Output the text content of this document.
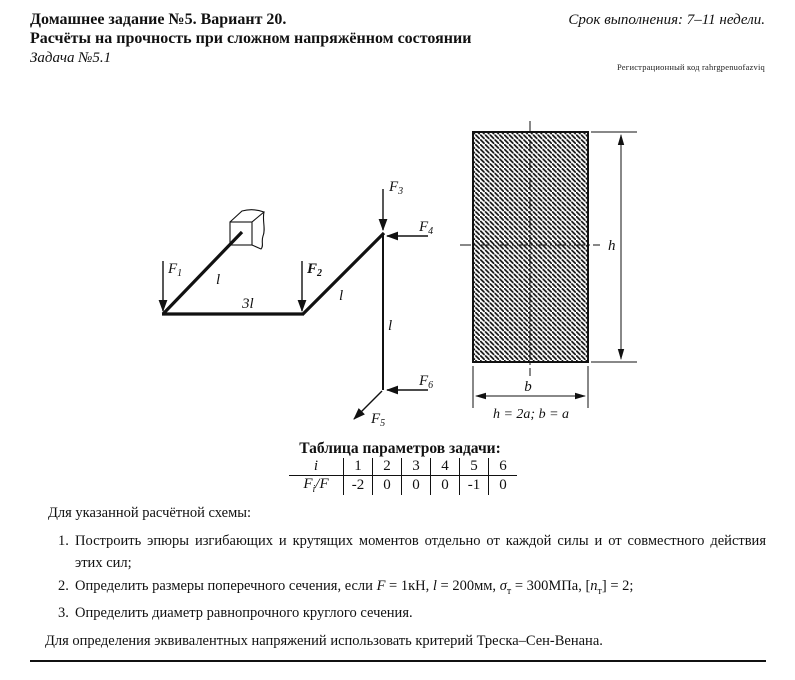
Домашнее задание №5. Вариант 20.	Срок выполнения: 7–11 недели.
Расчёты на прочность при сложном напряжённом состоянии
Задача №5.1
Регистрационный код rahrgpenuofazviq
$F_1$	$F_2$
$F_3$
$F_4$
$F_5$
$F_6$
l
3l	l
l
h
b
h = 2a; b = a
Таблица параметров задачи:
i	1	2	3	4	5	6
$F_i/F$	-2	0	0	0	-1	0
Для указанной расчётной схемы:
1. Построить эпюры изгибающих и крутящих моментов отдельно от каждой силы и от совместного действия этих сил;
2. Определить размеры поперечного сечения, если F = 1кН, l = 200мм, $\sigma_т = 300МПа$, $[n_т] = 2$;
3. Определить диаметр равнопрочного круглого сечения.
Для определения эквивалентных напряжений использовать критерий Треска–Сен-Венана.
